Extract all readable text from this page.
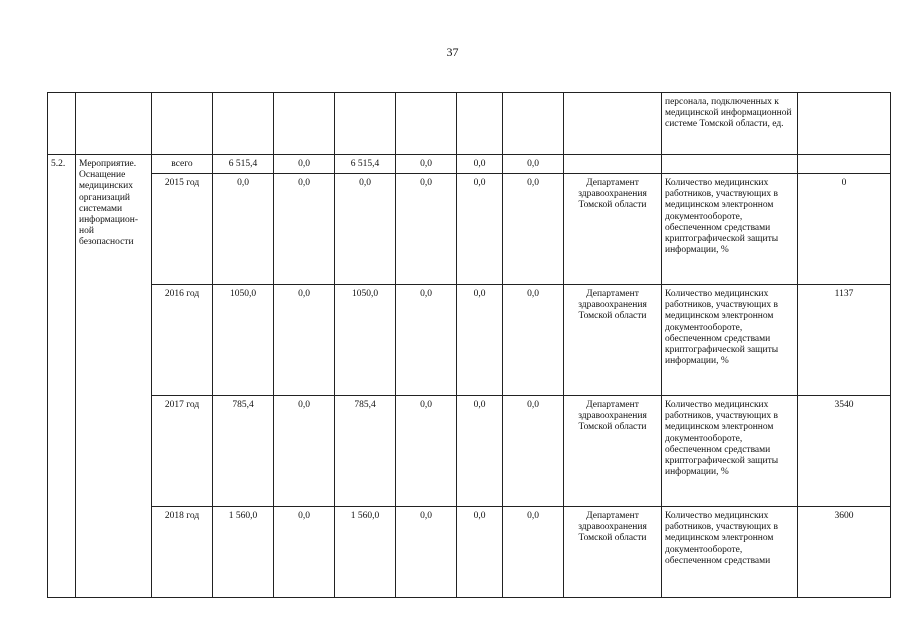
37
										персонала, подключенных к медицинской информационной системе Томской области, ед.	
5.2.	Мероприятие. Оснащение медицинских организаций системами информацион-ной безопасности	всего	6 515,4	0,0	6 515,4	0,0	0,0	0,0			
		2015 год	0,0	0,0	0,0	0,0	0,0	0,0	Департамент здравоохранения Томской области	Количество медицинских работников, участвующих в медицинском электронном документообороте, обеспеченном средствами криптографической защиты информации, %	0
		2016 год	1050,0	0,0	1050,0	0,0	0,0	0,0	Департамент здравоохранения Томской области	Количество медицинских работников, участвующих в медицинском электронном документообороте, обеспеченном средствами криптографической защиты информации, %	1137
		2017 год	785,4	0,0	785,4	0,0	0,0	0,0	Департамент здравоохранения Томской области	Количество медицинских работников, участвующих в медицинском электронном документообороте, обеспеченном средствами криптографической защиты информации, %	3540
		2018 год	1 560,0	0,0	1 560,0	0,0	0,0	0,0	Департамент здравоохранения Томской области	Количество медицинских работников, участвующих в медицинском электронном документообороте, обеспеченном средствами	3600
